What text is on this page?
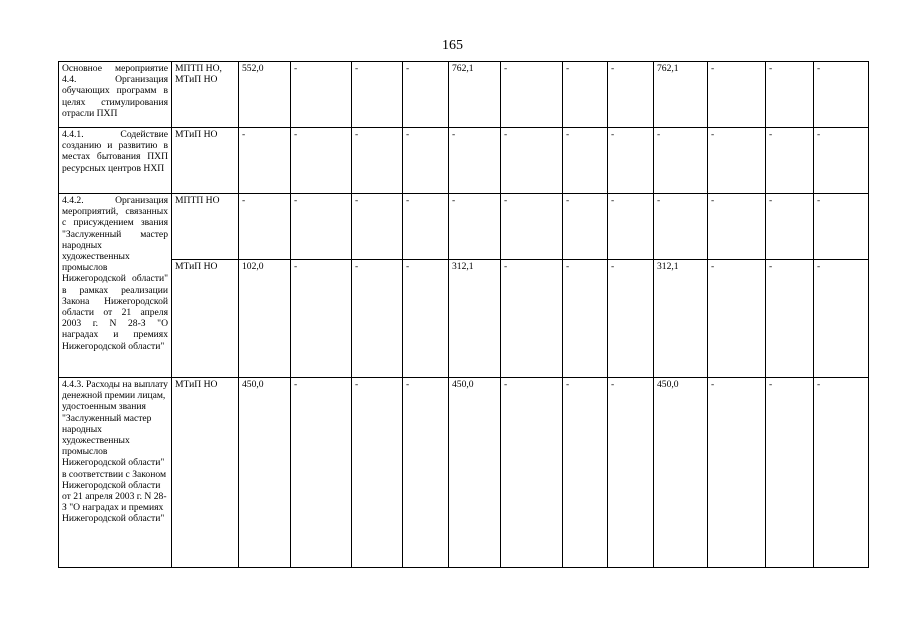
165
Основное мероприятие 4.4. Организация обучающих программ в целях стимулирования отрасли ПХП	МПТП НО, МТиП НО	552,0	-	-	-	762,1	-	-	-	762,1	-	-	-
4.4.1. Содействие созданию и развитию в местах бытования ПХП ресурсных центров НХП	МТиП НО	-	-	-	-	-	-	-	-	-	-	-	-
4.4.2. Организация мероприятий, связанных с присуждением звания "Заслуженный мастер народных художественных промыслов Нижегородской области" в рамках реализации Закона Нижегородской области от 21 апреля 2003 г. N 28-З "О наградах и премиях Нижегородской области"	МПТП НО	-	-	-	-	-	-	-	-	-	-	-	-
	МТиП НО	102,0	-	-	-	312,1	-	-	-	312,1	-	-	-
4.4.3. Расходы на выплату денежной премии лицам, удостоенным звания "Заслуженный мастер народных художественных промыслов Нижегородской области" в соответствии с Законом Нижегородской области от 21 апреля 2003 г. N 28-З "О наградах и премиях Нижегородской области"	МТиП НО	450,0	-	-	-	450,0	-	-	-	450,0	-	-	-
